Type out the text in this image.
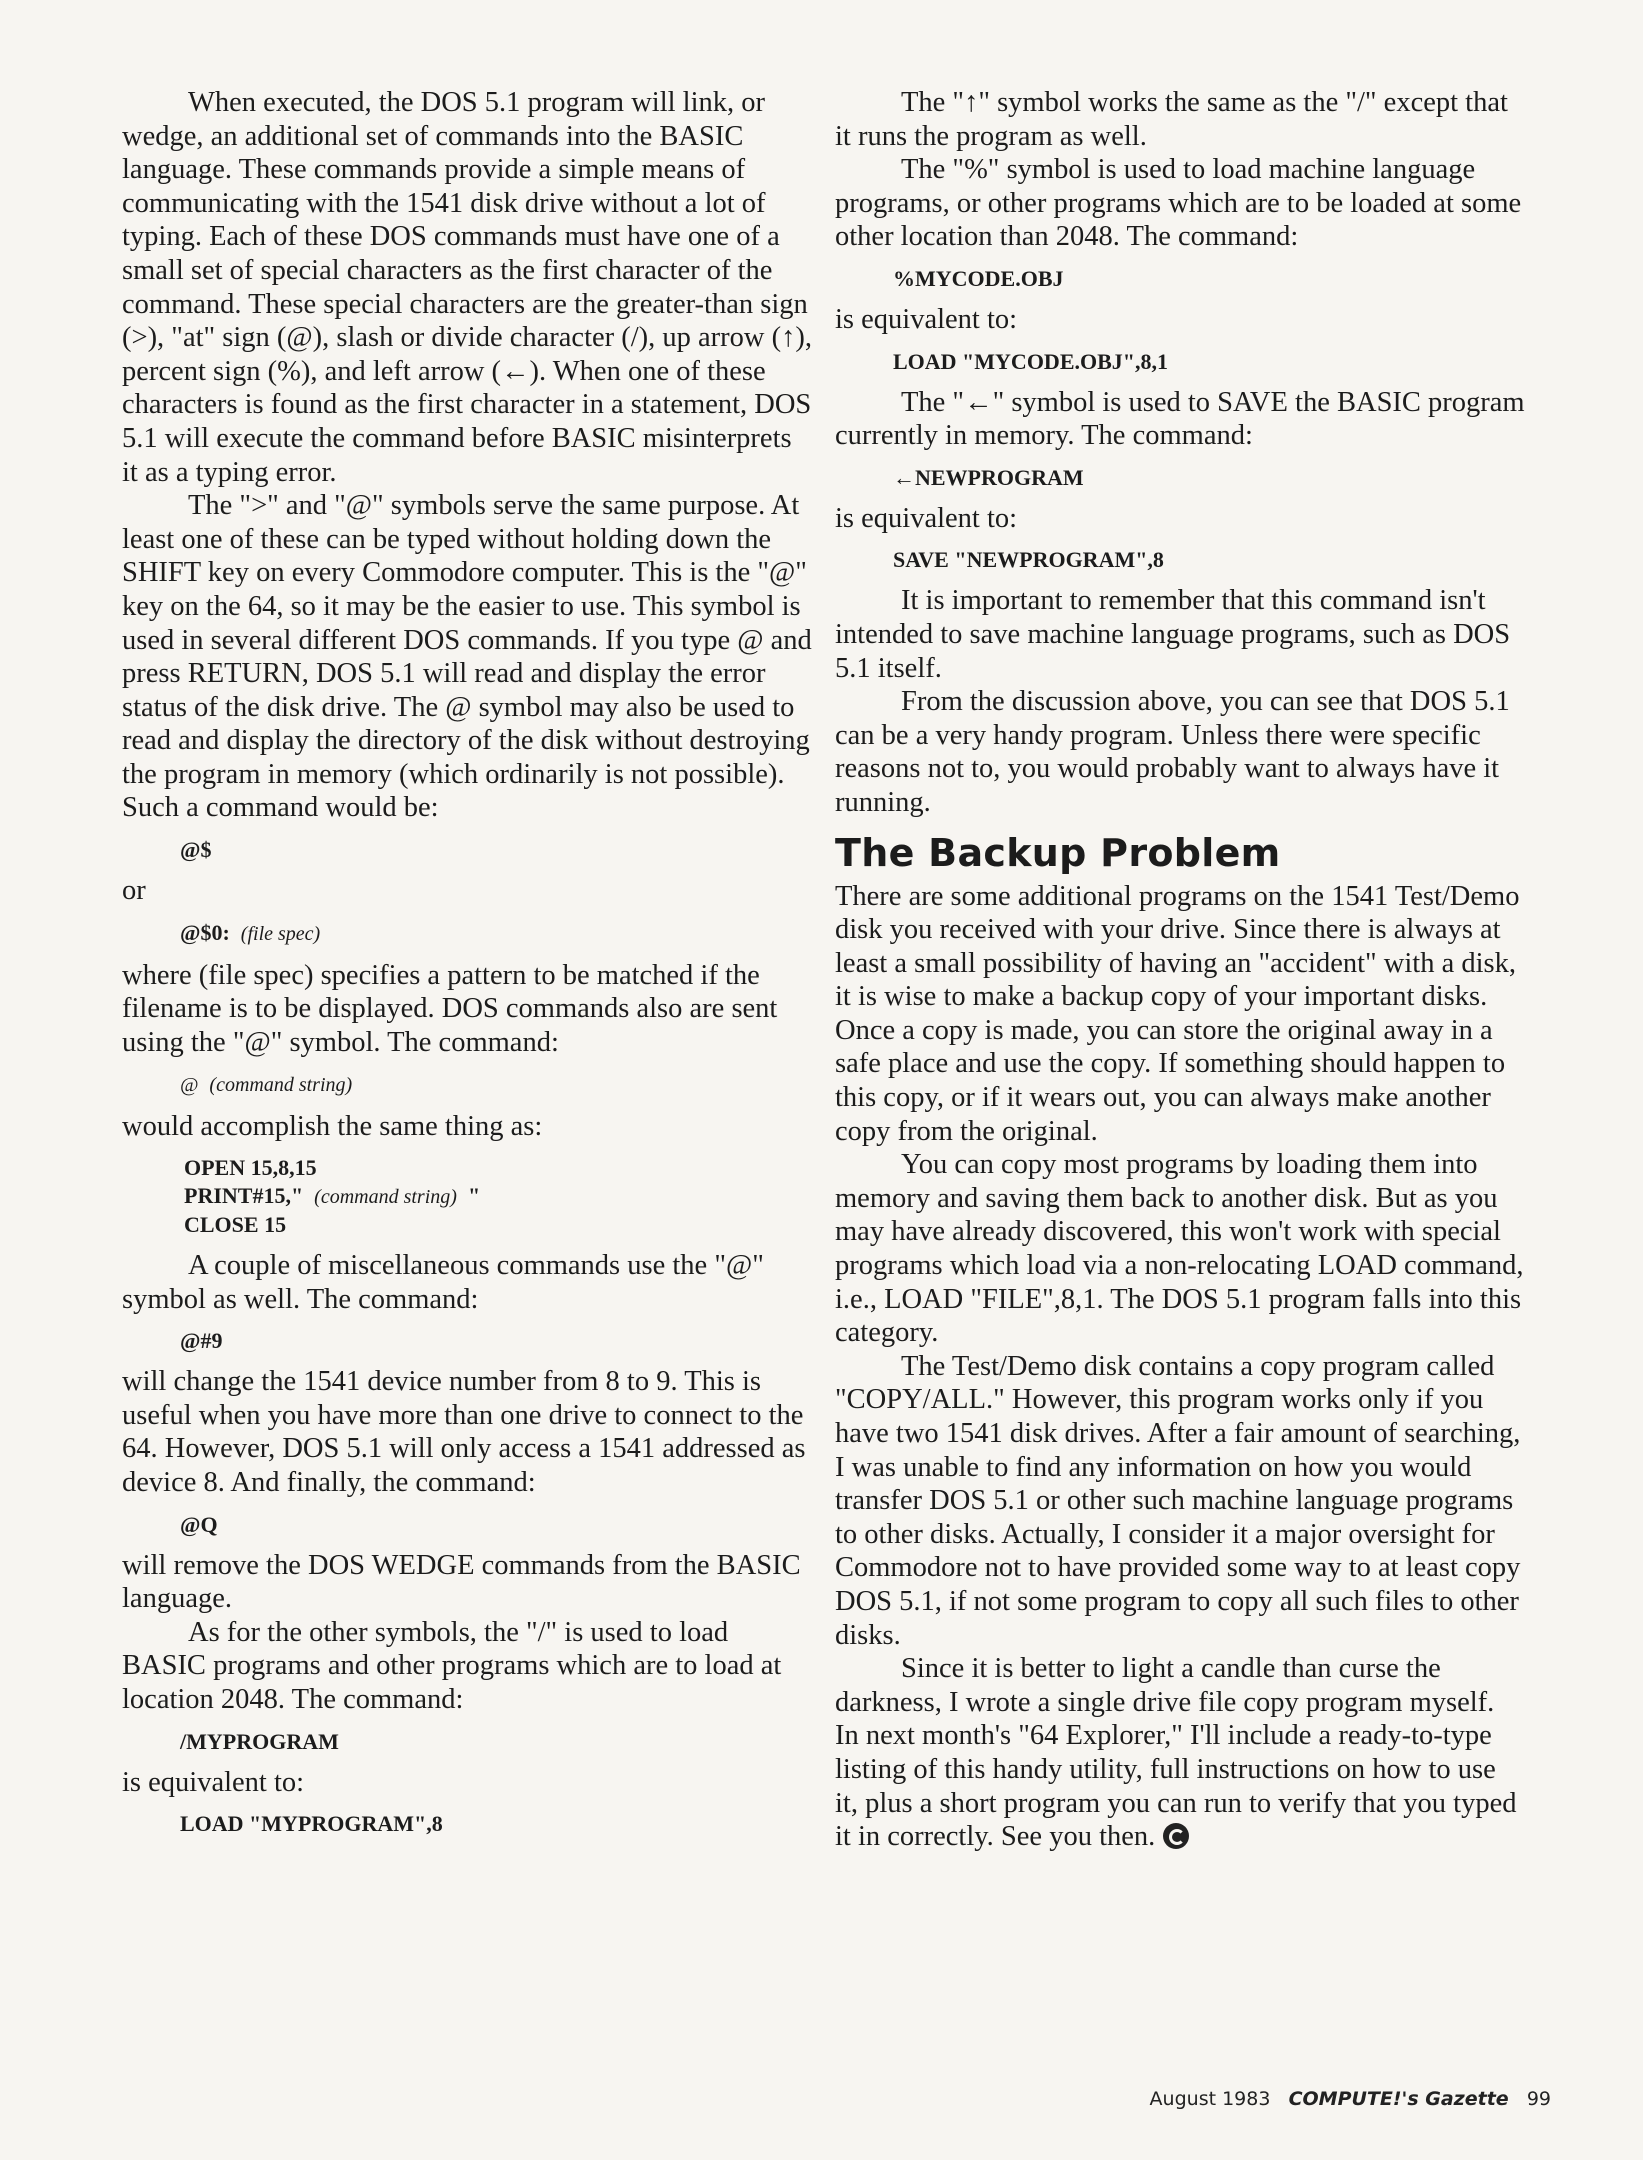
When executed, the DOS 5.1 program will link, or wedge, an additional set of commands into the BASIC language. These commands provide a simple means of communicating with the 1541 disk drive without a lot of typing. Each of these DOS commands must have one of a small set of special characters as the first character of the command. These special characters are the greater-than sign (>), "at" sign (@), slash or divide character (/), up arrow (↑), percent sign (%), and left arrow (←). When one of these characters is found as the first character in a statement, DOS 5.1 will execute the command before BASIC misinterprets it as a typing error.

The ">" and "@" symbols serve the same purpose. At least one of these can be typed without holding down the SHIFT key on every Commodore computer. This is the "@" key on the 64, so it may be the easier to use. This symbol is used in several different DOS commands. If you type @ and press RETURN, DOS 5.1 will read and display the error status of the disk drive. The @ symbol may also be used to read and display the directory of the disk without destroying the program in memory (which ordinarily is not possible). Such a command would be:

@$

or

@$0: (file spec)

where (file spec) specifies a pattern to be matched if the filename is to be displayed. DOS commands also are sent using the "@" symbol. The command:

@ (command string)

would accomplish the same thing as:

OPEN 15,8,15
PRINT#15," (command string) "
CLOSE 15

A couple of miscellaneous commands use the "@" symbol as well. The command:

@#9

will change the 1541 device number from 8 to 9. This is useful when you have more than one drive to connect to the 64. However, DOS 5.1 will only access a 1541 addressed as device 8. And finally, the command:

@Q

will remove the DOS WEDGE commands from the BASIC language.

As for the other symbols, the "/" is used to load BASIC programs and other programs which are to load at location 2048. The command:

/MYPROGRAM

is equivalent to:

LOAD "MYPROGRAM",8

The "↑" symbol works the same as the "/" except that it runs the program as well.

The "%" symbol is used to load machine language programs, or other programs which are to be loaded at some other location than 2048. The command:

%MYCODE.OBJ

is equivalent to:

LOAD "MYCODE.OBJ",8,1

The "←" symbol is used to SAVE the BASIC program currently in memory. The command:

←NEWPROGRAM

is equivalent to:

SAVE "NEWPROGRAM",8

It is important to remember that this command isn't intended to save machine language programs, such as DOS 5.1 itself.

From the discussion above, you can see that DOS 5.1 can be a very handy program. Unless there were specific reasons not to, you would probably want to always have it running.

The Backup Problem

There are some additional programs on the 1541 Test/Demo disk you received with your drive. Since there is always at least a small possibility of having an "accident" with a disk, it is wise to make a backup copy of your important disks. Once a copy is made, you can store the original away in a safe place and use the copy. If something should happen to this copy, or if it wears out, you can always make another copy from the original.

You can copy most programs by loading them into memory and saving them back to another disk. But as you may have already discovered, this won't work with special programs which load via a non-relocating LOAD command, i.e., LOAD "FILE",8,1. The DOS 5.1 program falls into this category.

The Test/Demo disk contains a copy program called "COPY/ALL." However, this program works only if you have two 1541 disk drives. After a fair amount of searching, I was unable to find any information on how you would transfer DOS 5.1 or other such machine language programs to other disks. Actually, I consider it a major oversight for Commodore not to have provided some way to at least copy DOS 5.1, if not some program to copy all such files to other disks.

Since it is better to light a candle than curse the darkness, I wrote a single drive file copy program myself. In next month's "64 Explorer," I'll include a ready-to-type listing of this handy utility, full instructions on how to use it, plus a short program you can run to verify that you typed it in correctly. See you then.

August 1983 COMPUTE!'s Gazette 99
